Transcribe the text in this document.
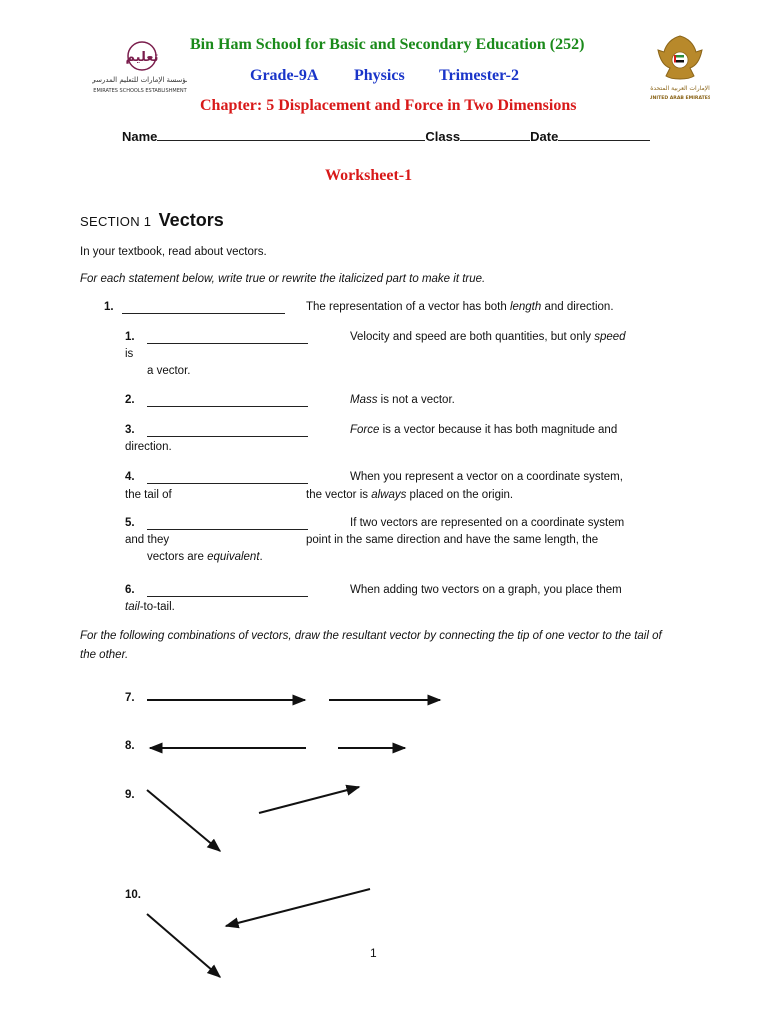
تعليم
مؤسسة الإمارات للتعليم المدرسي
EMIRATES SCHOOLS ESTABLISHMENT
Bin Ham School for Basic and Secondary Education (252)
Grade-9A Physics Trimester-2
الإمارات العربية المتحدة
UNITED ARAB EMIRATES
Chapter: 5 Displacement and Force in Two Dimensions
Name	Class	Date
Worksheet-1
SECTION 1 Vectors
In your textbook, read about vectors.
For each statement below, write true or rewrite the italicized part to make it true.
1.	The representation of a vector has both length and direction.
1.	Velocity and speed are both quantities, but only speed
is
a vector.
2.	Mass is not a vector.
3.	Force is a vector because it has both magnitude and
direction.
4.	When you represent a vector on a coordinate system,
the tail of	the vector is always placed on the origin.
5.	If two vectors are represented on a coordinate system
and they	point in the same direction and have the same length, the
vectors are equivalent.
6.	When adding two vectors on a graph, you place them
tail-to-tail.
For the following combinations of vectors, draw the resultant vector by connecting the tip of one vector to the tail of the other.
7.
8.
9.
10.
1
